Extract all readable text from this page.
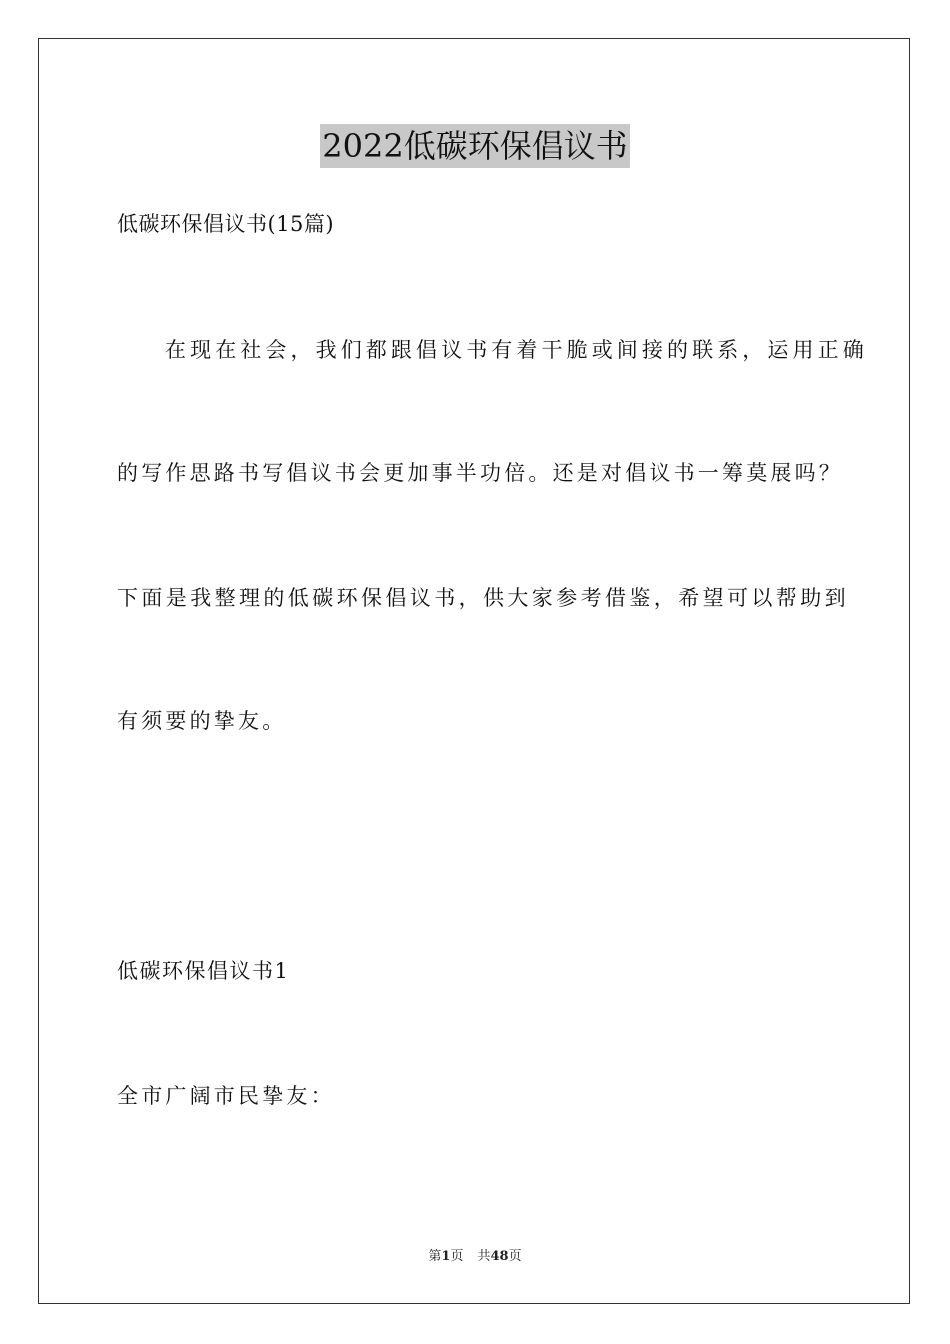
2022低碳环保倡议书
低碳环保倡议书(15篇)
在现在社会，我们都跟倡议书有着干脆或间接的联系，运用正确
的写作思路书写倡议书会更加事半功倍。还是对倡议书一筹莫展吗？
下面是我整理的低碳环保倡议书，供大家参考借鉴，希望可以帮助到
有须要的挚友。
低碳环保倡议书1
全市广阔市民挚友：
第1页 共48页
